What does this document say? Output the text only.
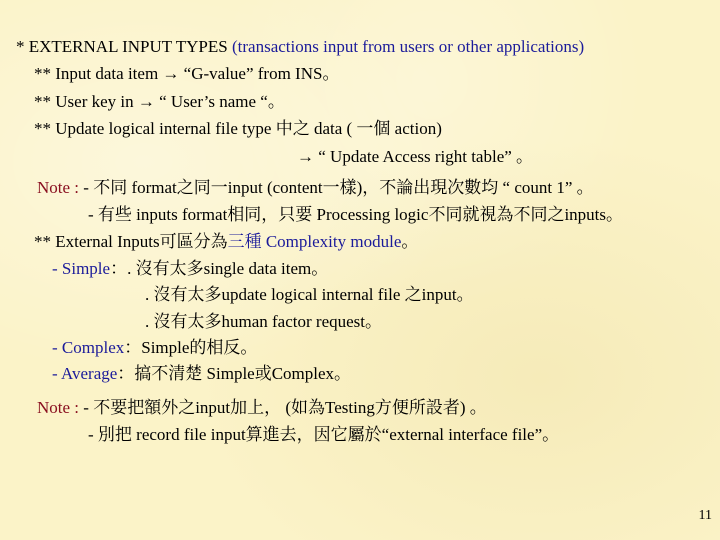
* EXTERNAL INPUT TYPES (transactions input from users or other applications)
** Input data item → “G-value” from INS。
** User key in → “ User’s name “。
** Update logical internal file type 中之 data ( 一個 action)
→ “ Update Access right table” 。
Note : - 不同 format之同一input (content一樣)，不論出現次數均 “ count 1” 。
- 有些 inputs format相同，只要 Processing logic不同就視為不同之inputs。
** External Inputs可區分為三種 Complexity module。
- Simple：. 沒有太多single data item。
. 沒有太多update logical internal file 之input。
. 沒有太多human factor request。
- Complex：Simple的相反。
- Average：搞不清楚 Simple或Complex。
Note : - 不要把額外之input加上， (如為Testing方便所設者) 。
- 別把 record file input算進去，因它屬於“external interface file”。
11
